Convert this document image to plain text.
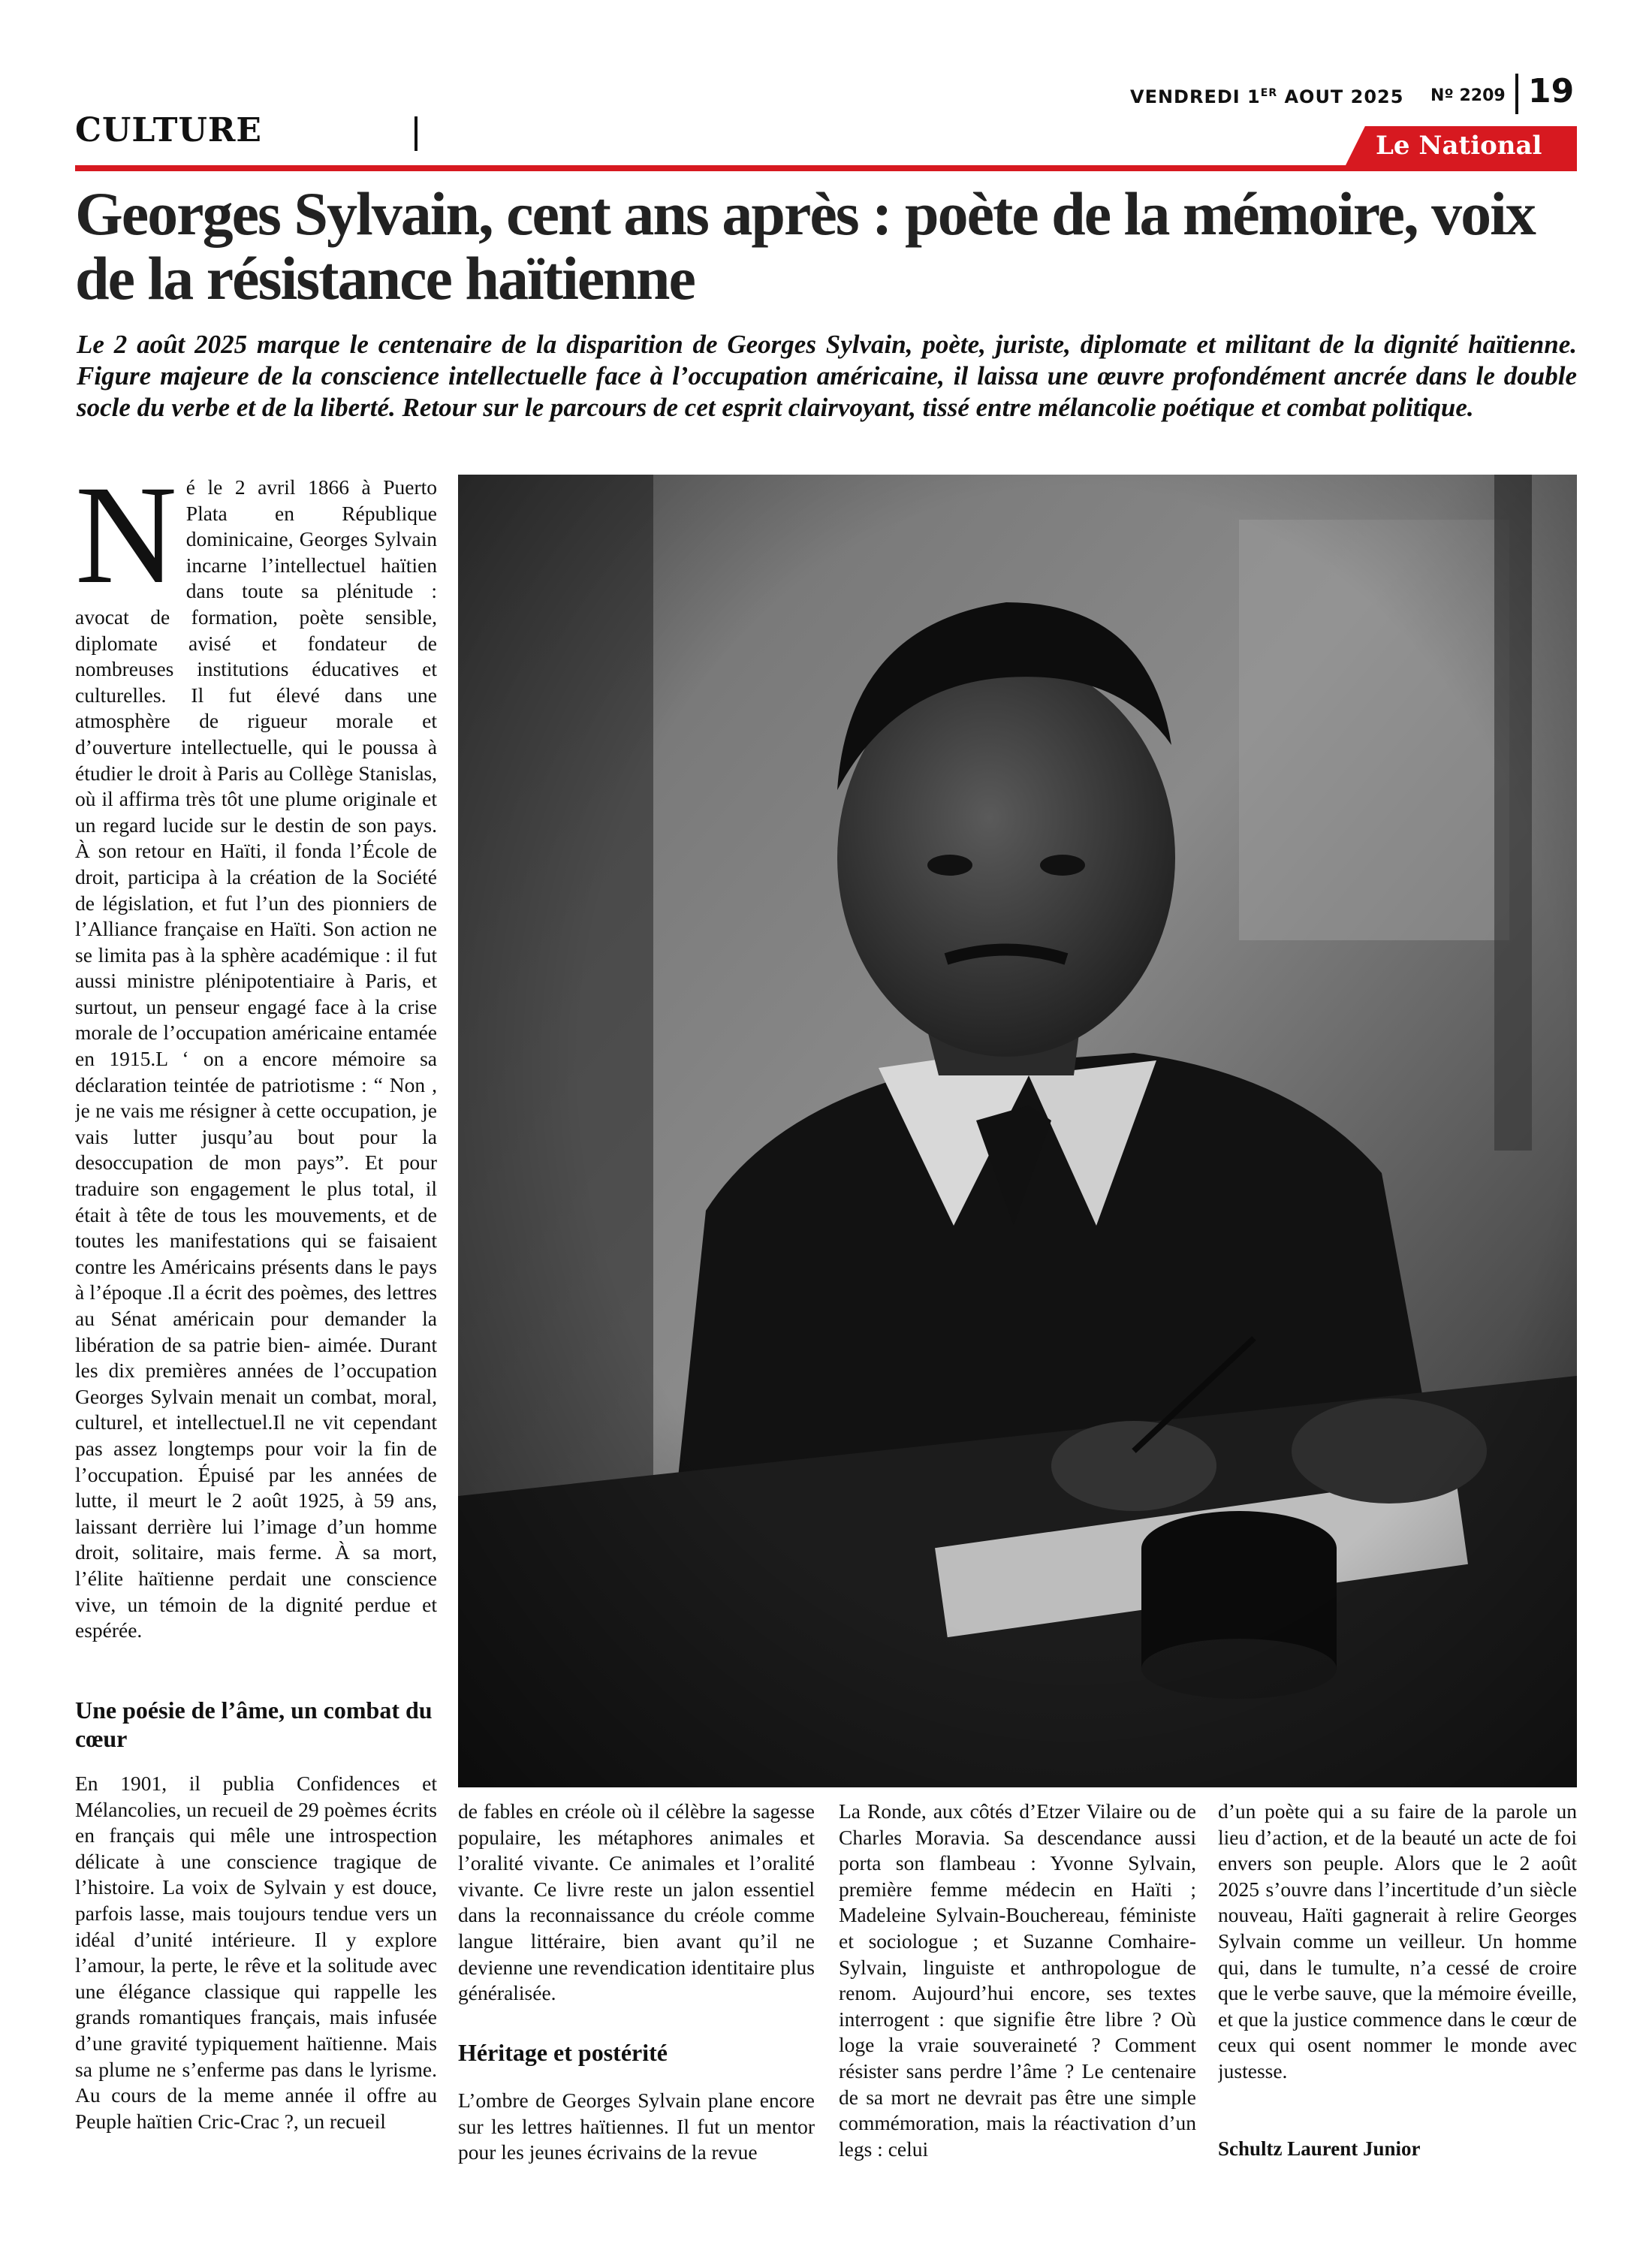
CULTURE
VENDREDI 1ER AOUT 2025 Nº 2209 19
Le National
Georges Sylvain, cent ans après : poète de la mémoire, voix de la résistance haïtienne

Le 2 août 2025 marque le centenaire de la disparition de Georges Sylvain, poète, juriste, diplomate et militant de la dignité haïtienne. Figure majeure de la conscience intellectuelle face à l’occupation américaine, il laissa une œuvre profondément ancrée dans le double socle du verbe et de la liberté. Retour sur le parcours de cet esprit clairvoyant, tissé entre mélancolie poétique et combat politique.

N é le 2 avril 1866 à Puerto Plata en République dominicaine, Georges Sylvain incarne l’intellectuel haïtien dans toute sa plénitude : avocat de formation, poète sensible, diplomate avisé et fondateur de nombreuses institutions éducatives et culturelles. Il fut élevé dans une atmosphère de rigueur morale et d’ouverture intellectuelle, qui le poussa à étudier le droit à Paris au Collège Stanislas, où il affirma très tôt une plume originale et un regard lucide sur le destin de son pays. À son retour en Haïti, il fonda l’École de droit, participa à la création de la Société de législation, et fut l’un des pionniers de l’Alliance française en Haïti. Son action ne se limita pas à la sphère académique : il fut aussi ministre plénipotentiaire à Paris, et surtout, un penseur engagé face à la crise morale de l’occupation américaine entamée en 1915.L ‘ on a encore mémoire sa déclaration teintée de patriotisme : “ Non , je ne vais me résigner à cette occupation, je vais lutter jusqu’au bout pour la desoccupation de mon pays”. Et pour traduire son engagement le plus total, il était à tête de tous les mouvements, et de toutes les manifestations qui se faisaient contre les Américains présents dans le pays à l’époque .Il a écrit des poèmes, des lettres au Sénat américain pour demander la libération de sa patrie bien- aimée. Durant les dix premières années de l’occupation Georges Sylvain menait un combat, moral, culturel, et intellectuel.Il ne vit cependant pas assez longtemps pour voir la fin de l’occupation. Épuisé par les années de lutte, il meurt le 2 août 1925, à 59 ans, laissant derrière lui l’image d’un homme droit, solitaire, mais ferme. À sa mort, l’élite haïtienne perdait une conscience vive, un témoin de la dignité perdue et espérée.

Une poésie de l’âme, un combat du cœur
En 1901, il publia Confidences et Mélancolies, un recueil de 29 poèmes écrits en français qui mêle une introspection délicate à une conscience tragique de l’histoire. La voix de Sylvain y est douce, parfois lasse, mais toujours tendue vers un idéal d’unité intérieure. Il y explore l’amour, la perte, le rêve et la solitude avec une élégance classique qui rappelle les grands romantiques français, mais infusée d’une gravité typiquement haïtienne. Mais sa plume ne s’enferme pas dans le lyrisme. Au cours de la meme année il offre au Peuple haïtien Cric-Crac ?, un recueil
de fables en créole où il célèbre la sagesse populaire, les métaphores animales et l’oralité vivante. Ce animales et l’oralité vivante. Ce livre reste un jalon essentiel dans la reconnaissance du créole comme langue littéraire, bien avant qu’il ne devienne une revendication identitaire plus généralisée.
Héritage et postérité
L’ombre de Georges Sylvain plane encore sur les lettres haïtiennes. Il fut un mentor pour les jeunes écrivains de la revue
La Ronde, aux côtés d’Etzer Vilaire ou de Charles Moravia. Sa descendance aussi porta son flambeau : Yvonne Sylvain, première femme médecin en Haïti ; Madeleine Sylvain-Bouchereau, féministe et sociologue ; et Suzanne Comhaire-Sylvain, linguiste et anthropologue de renom. Aujourd’hui encore, ses textes interrogent : que signifie être libre ? Où loge la vraie souveraineté ? Comment résister sans perdre l’âme ? Le centenaire de sa mort ne devrait pas être une simple commémoration, mais la réactivation d’un legs : celui
d’un poète qui a su faire de la parole un lieu d’action, et de la beauté un acte de foi envers son peuple. Alors que le 2 août 2025 s’ouvre dans l’incertitude d’un siècle nouveau, Haïti gagnerait à relire Georges Sylvain comme un veilleur. Un homme qui, dans le tumulte, n’a cessé de croire que le verbe sauve, que la mémoire éveille, et que la justice commence dans le cœur de ceux qui osent nommer le monde avec justesse.
Schultz Laurent Junior
